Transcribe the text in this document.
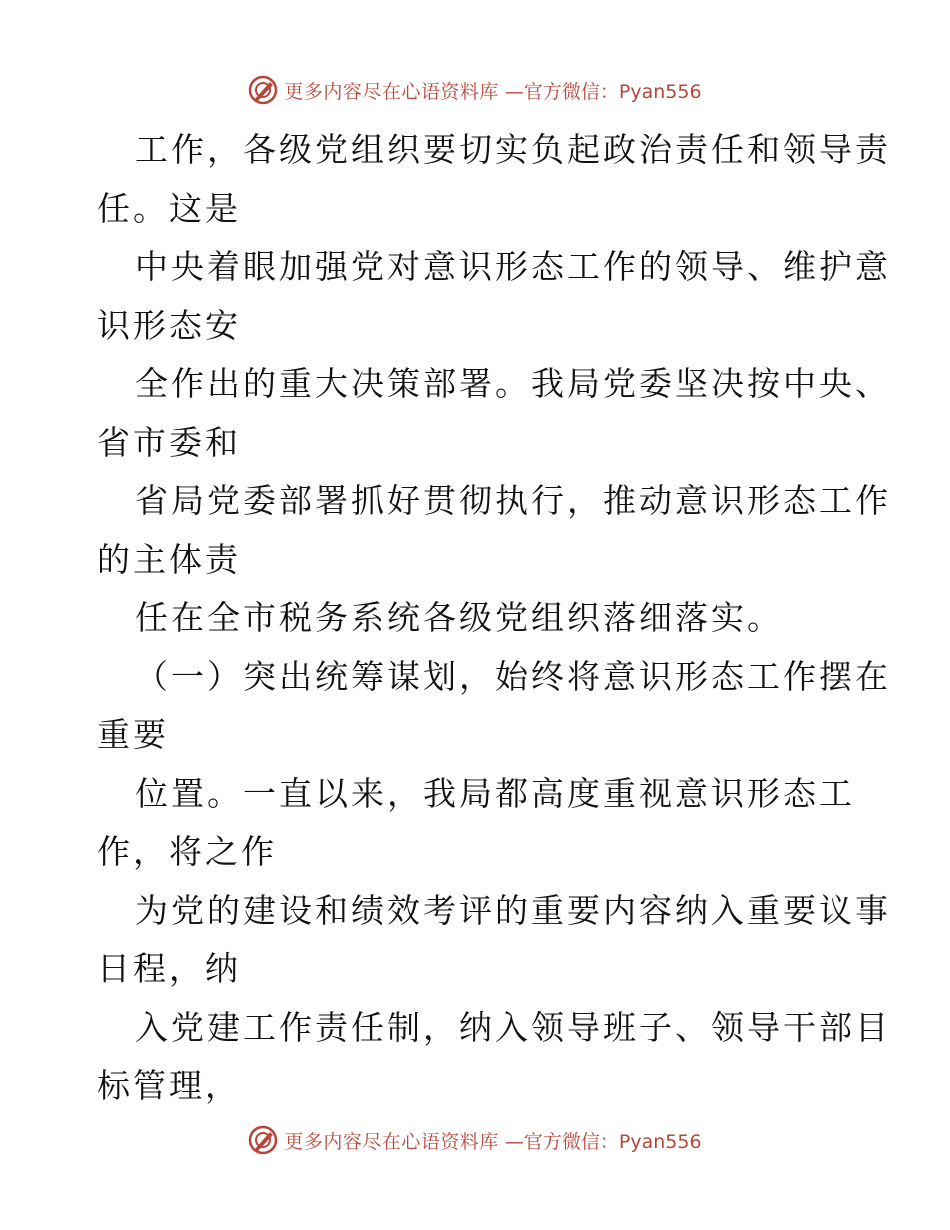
更多内容尽在心语资料库 —官方微信：Pyan556
工作，各级党组织要切实负起政治责任和领导责
任。这是
中央着眼加强党对意识形态工作的领导、维护意
识形态安
全作出的重大决策部署。我局党委坚决按中央、
省市委和
省局党委部署抓好贯彻执行，推动意识形态工作
的主体责
任在全市税务系统各级党组织落细落实。
（一）突出统筹谋划，始终将意识形态工作摆在
重要
位置。一直以来，我局都高度重视意识形态工
作，将之作
为党的建设和绩效考评的重要内容纳入重要议事
日程，纳
入党建工作责任制，纳入领导班子、领导干部目
标管理，
更多内容尽在心语资料库 —官方微信：Pyan556
